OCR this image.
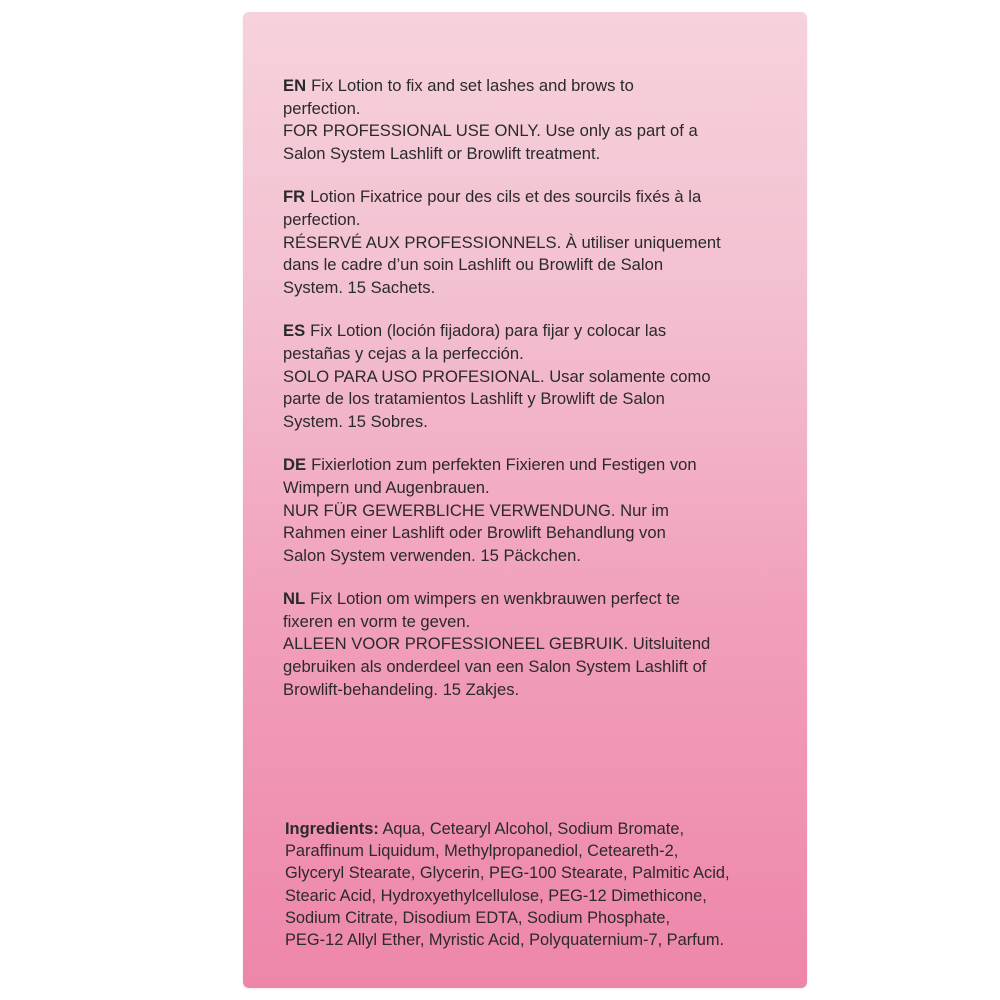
EN Fix Lotion to fix and set lashes and brows to
perfection.
FOR PROFESSIONAL USE ONLY. Use only as part of a
Salon System Lashlift or Browlift treatment.
FR Lotion Fixatrice pour des cils et des sourcils fixés à la
perfection.
RÉSERVÉ AUX PROFESSIONNELS. À utiliser uniquement
dans le cadre d’un soin Lashlift ou Browlift de Salon
System. 15 Sachets.
ES Fix Lotion (loción fijadora) para fijar y colocar las
pestañas y cejas a la perfección.
SOLO PARA USO PROFESIONAL. Usar solamente como
parte de los tratamientos Lashlift y Browlift de Salon
System. 15 Sobres.
DE Fixierlotion zum perfekten Fixieren und Festigen von
Wimpern und Augenbrauen.
NUR FÜR GEWERBLICHE VERWENDUNG. Nur im
Rahmen einer Lashlift oder Browlift Behandlung von
Salon System verwenden. 15 Päckchen.
NL Fix Lotion om wimpers en wenkbrauwen perfect te
fixeren en vorm te geven.
ALLEEN VOOR PROFESSIONEEL GEBRUIK. Uitsluitend
gebruiken als onderdeel van een Salon System Lashlift of
Browlift-behandeling. 15 Zakjes.
Ingredients: Aqua, Cetearyl Alcohol, Sodium Bromate,
Paraffinum Liquidum, Methylpropanediol, Ceteareth-2,
Glyceryl Stearate, Glycerin, PEG-100 Stearate, Palmitic Acid,
Stearic Acid, Hydroxyethylcellulose, PEG-12 Dimethicone,
Sodium Citrate, Disodium EDTA, Sodium Phosphate,
PEG-12 Allyl Ether, Myristic Acid, Polyquaternium-7, Parfum.
